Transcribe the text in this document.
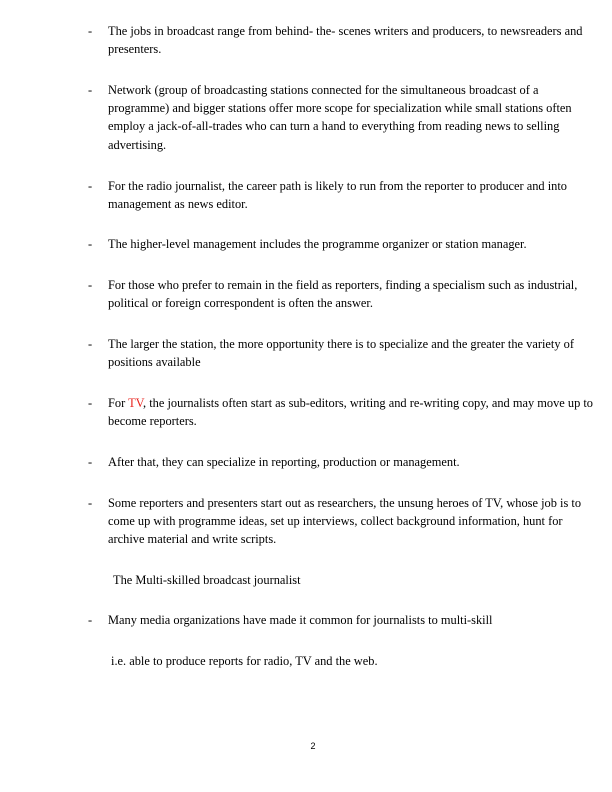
-	The jobs in broadcast range from behind- the- scenes writers and producers, to newsreaders and presenters.
-	Network (group of broadcasting stations connected for the simultaneous broadcast of a programme) and bigger stations offer more scope for specialization while small stations often employ a jack-of-all-trades who can turn a hand to everything from reading news to selling advertising.
-	For the radio journalist, the career path is likely to run from the reporter to producer and into management as news editor.
-	The higher-level management includes the programme organizer or station manager.
-	For those who prefer to remain in the field as reporters, finding a specialism such as industrial, political or foreign correspondent is often the answer.
-	The larger the station, the more opportunity there is to specialize and the greater the variety of positions available
-	For TV, the journalists often start as sub-editors, writing and re-writing copy, and may move up to become reporters.
-	After that, they can specialize in reporting, production or management.
-	Some reporters and presenters start out as researchers, the unsung heroes of TV, whose job is to come up with programme ideas, set up interviews, collect background information, hunt for archive material and write scripts.
The Multi-skilled broadcast journalist
-	Many media organizations have made it common for journalists to multi-skill
i.e. able to produce reports for radio, TV and the web.
2
